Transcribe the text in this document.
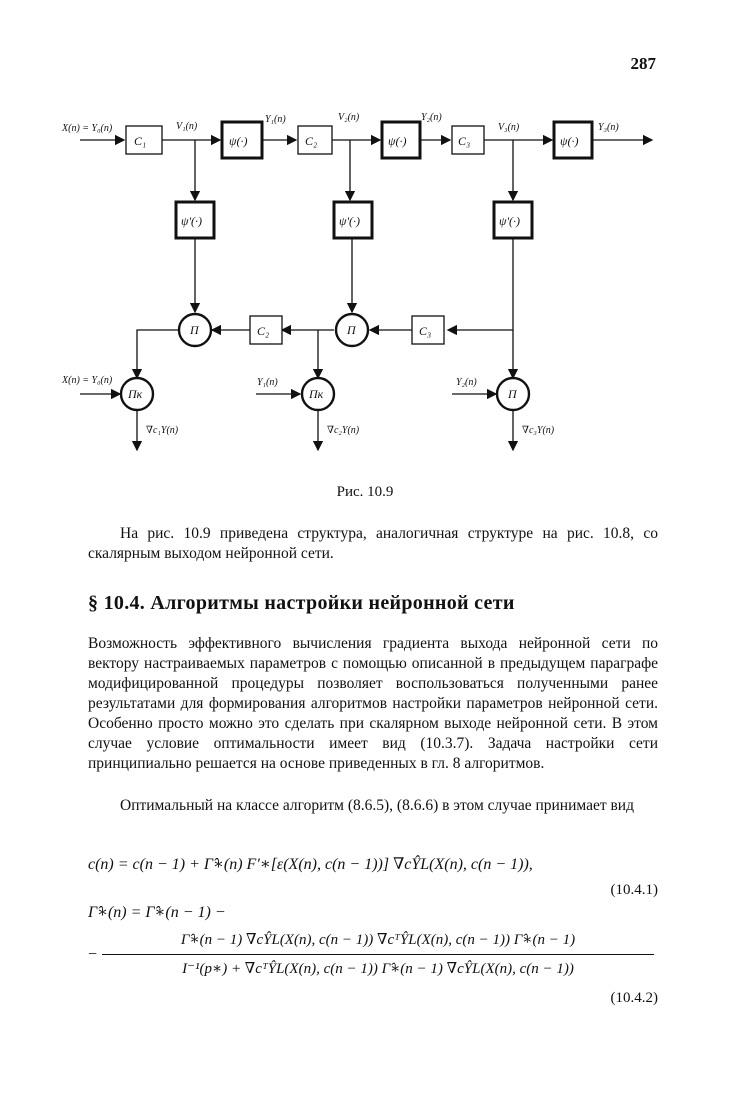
287
C₁	ψ(·)	C₂	ψ(·)	C₃	ψ(·)
ψ'(·)	ψ'(·)	ψ'(·)
C₂	C₃
П	П
Пк	Пк	П
X(n) = Y₀(n)	V₁(n)
Y₁(n)	V₂(n)	Y₂(n)
V₃(n)	Y₃(n)
X(n) = Y₀(n)	Y₁(n)	Y₂(n)
∇c₁Y(n)	∇c₂Y(n)	∇c₃Y(n)
Рис. 10.9

На рис. 10.9 приведена структура, аналогичная структуре на рис. 10.8, со скалярным выходом нейронной сети.

§ 10.4. Алгоритмы настройки нейронной сети

Возможность эффективного вычисления градиента выхода нейронной сети по вектору настраиваемых параметров с помощью описанной в предыдущем параграфе модифицированной процедуры позволяет воспользоваться полученными ранее результатами для формирования алгоритмов настройки параметров нейронной сети. Особенно просто можно это сделать при скалярном выходе нейронной сети. В этом случае условие оптимальности имеет вид (10.3.7). Задача настройки сети принципиально решается на основе приведенных в гл. 8 алгоритмов.

Оптимальный на классе алгоритм (8.6.5), (8.6.6) в этом случае принимает вид

c(n) = c(n − 1) + Γ̂∗(n) F′∗[ε(X(n), c(n − 1))] ∇cŶL(X(n), c(n − 1)),
(10.4.1)
Γ̂∗(n) = Γ̂∗(n − 1) −
−
Γ̂∗(n − 1) ∇cŶL(X(n), c(n − 1)) ∇cᵀŶL(X(n), c(n − 1)) Γ̂∗(n − 1)
I⁻¹(p∗) + ∇cᵀŶL(X(n), c(n − 1)) Γ̂∗(n − 1) ∇cŶL(X(n), c(n − 1))
(10.4.2)
